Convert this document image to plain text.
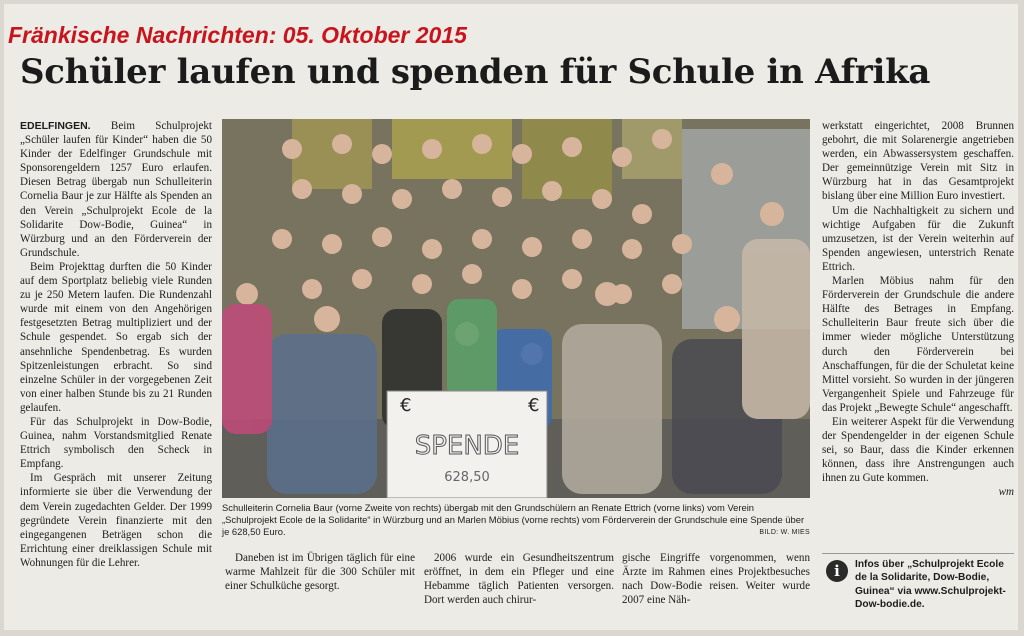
Fränkische Nachrichten: 05. Oktober 2015
Schüler laufen und spenden für Schule in Afrika

EDELFINGEN. Beim Schulprojekt „Schüler laufen für Kinder“ haben die 50 Kinder der Edelfinger Grundschule mit Sponsorengeldern 1257 Euro erlaufen. Diesen Betrag übergab nun Schulleiterin Cornelia Baur je zur Hälfte als Spenden an den Verein „Schulprojekt Ecole de la Solidarite Dow-Bodie, Guinea“ in Würzburg und an den Förderverein der Grundschule.

Beim Projekttag durften die 50 Kinder auf dem Sportplatz beliebig viele Runden zu je 250 Metern laufen. Die Rundenzahl wurde mit einem von den Angehörigen festgesetzten Betrag multipliziert und der Schule gespendet. So ergab sich der ansehnliche Spendenbetrag. Es wurden Spitzenleistungen erbracht. So sind einzelne Schüler in der vorgegebenen Zeit von einer halben Stunde bis zu 21 Runden gelaufen.

Für das Schulprojekt in Dow-Bodie, Guinea, nahm Vorstandsmitglied Renate Ettrich symbolisch den Scheck in Empfang.

Im Gespräch mit unserer Zeitung informierte sie über die Verwendung der dem Verein zugedachten Gelder. Der 1999 gegründete Verein finanzierte mit den eingegangenen Beträgen schon die Errichtung einer dreiklassigen Schule mit Wohnungen für die Lehrer.

€	€
SPENDE
628,50
Schulleiterin Cornelia Baur (vorne Zweite von rechts) übergab mit den Grundschülern an Renate Ettrich (vorne links) vom Verein „Schulprojekt Ecole de la Solidarite“ in Würzburg und an Marlen Möbius (vorne rechts) vom Förderverein der Grundschule eine Spende über je 628,50 Euro.	BILD: W. MIES

Daneben ist im Übrigen täglich für eine warme Mahlzeit für die 300 Schüler mit einer Schulküche gesorgt.

2006 wurde ein Gesundheitszentrum eröffnet, in dem ein Pfleger und eine Hebamme täglich Patienten versorgen. Dort werden auch chirur-

gische Eingriffe vorgenommen, wenn Ärzte im Rahmen eines Projektbesuches nach Dow-Bodie reisen. Weiter wurde 2007 eine Näh-

werkstatt eingerichtet, 2008 Brunnen gebohrt, die mit Solarenergie angetrieben werden, ein Abwassersystem geschaffen. Der gemeinnützige Verein mit Sitz in Würzburg hat in das Gesamtprojekt bislang über eine Million Euro investiert.

Um die Nachhaltigkeit zu sichern und wichtige Aufgaben für die Zukunft umzusetzen, ist der Verein weiterhin auf Spenden angewiesen, unterstrich Renate Ettrich.

Marlen Möbius nahm für den Förderverein der Grundschule die andere Hälfte des Betrages in Empfang. Schulleiterin Baur freute sich über die immer wieder mögliche Unterstützung durch den Förderverein bei Anschaffungen, für die der Schuletat keine Mittel vorsieht. So wurden in der jüngeren Vergangenheit Spiele und Fahrzeuge für das Projekt „Bewegte Schule“ angeschafft.

Ein weiterer Aspekt für die Verwendung der Spendengelder in der eigenen Schule sei, so Baur, dass die Kinder erkennen können, dass ihre Anstrengungen auch ihnen zu Gute kommen.

wm

i	Infos über „Schulprojekt Ecole de la Solidarite, Dow-Bodie, Guinea“ via www.Schulprojekt-Dow-bodie.de.
